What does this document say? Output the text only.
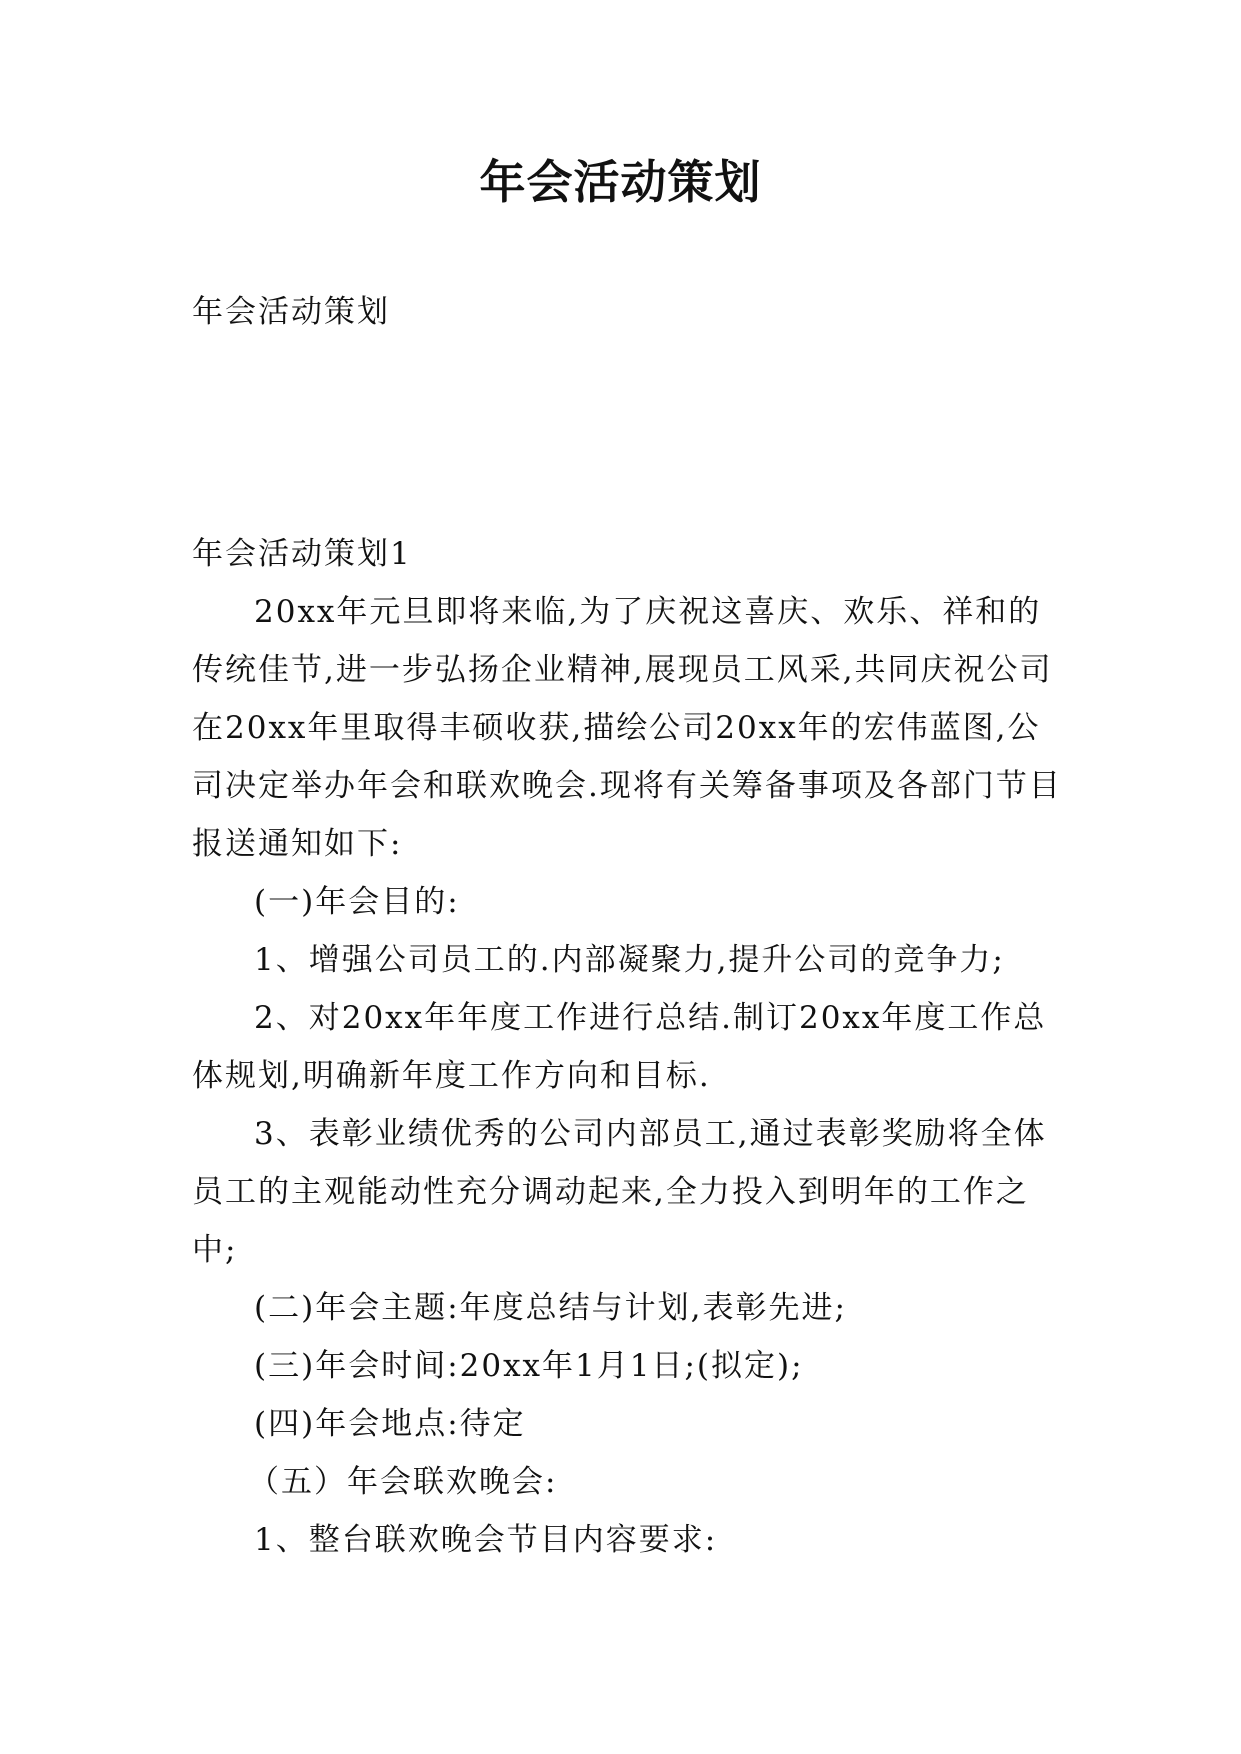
年会活动策划
年会活动策划

年会活动策划1

20xx年元旦即将来临,为了庆祝这喜庆、欢乐、祥和的传统佳节,进一步弘扬企业精神,展现员工风采,共同庆祝公司在20xx年里取得丰硕收获,描绘公司20xx年的宏伟蓝图,公司决定举办年会和联欢晚会.现将有关筹备事项及各部门节目报送通知如下:

(一)年会目的:

1、增强公司员工的.内部凝聚力,提升公司的竞争力;

2、对20xx年年度工作进行总结.制订20xx年度工作总体规划,明确新年度工作方向和目标.

3、表彰业绩优秀的公司内部员工,通过表彰奖励将全体员工的主观能动性充分调动起来,全力投入到明年的工作之中;

(二)年会主题:年度总结与计划,表彰先进;

(三)年会时间:20xx年1月1日;(拟定);

(四)年会地点:待定

（五）年会联欢晚会:

1、整台联欢晚会节目内容要求:
